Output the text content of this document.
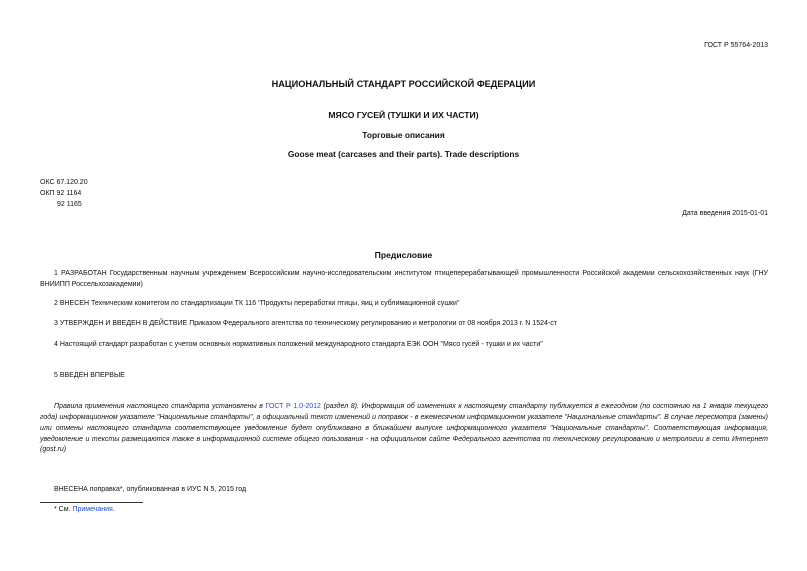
ГОСТ Р 55764-2013
НАЦИОНАЛЬНЫЙ СТАНДАРТ РОССИЙСКОЙ ФЕДЕРАЦИИ
МЯСО ГУСЕЙ (ТУШКИ И ИХ ЧАСТИ)
Торговые описания
Goose meat (carcases and their parts). Trade descriptions
ОКС 67.120.20
ОКП 92 1164
92 1165
Дата введения 2015-01-01
Предисловие
1 РАЗРАБОТАН Государственным научным учреждением Всероссийским научно-исследовательским институтом птицеперерабатывающей промышленности Российской академии сельскохозяйственных наук (ГНУ ВНИИПП Россельхозакадемии)
2 ВНЕСЕН Техническим комитетом по стандартизации ТК 116 "Продукты переработки птицы, яиц и сублимационной сушки"
3 УТВЕРЖДЕН И ВВЕДЕН В ДЕЙСТВИЕ Приказом Федерального агентства по техническому регулированию и метрологии от 08 ноября 2013 г. N 1524-ст
4 Настоящий стандарт разработан с учетом основных нормативных положений международного стандарта ЕЭК ООН "Мясо гусей - тушки и их части"
5 ВВЕДЕН ВПЕРВЫЕ
Правила применения настоящего стандарта установлены в ГОСТ Р 1.0-2012 (раздел 8). Информация об изменениях к настоящему стандарту публикуется в ежегодном (по состоянию на 1 января текущего года) информационном указателе "Национальные стандарты", а официальный текст изменений и поправок - в ежемесячном информационном указателе "Национальные стандарты". В случае пересмотра (замены) или отмены настоящего стандарта соответствующее уведомление будет опубликовано в ближайшем выпуске информационного указателя "Национальные стандарты". Соответствующая информация, уведомление и тексты размещаются также в информационной системе общего пользования - на официальном сайте Федерального агентства по техническому регулированию и метрологии в сети Интернет (gost.ru)
ВНЕСЕНА поправка*, опубликованная в ИУС N 5, 2015 год
* См. Примечания.
